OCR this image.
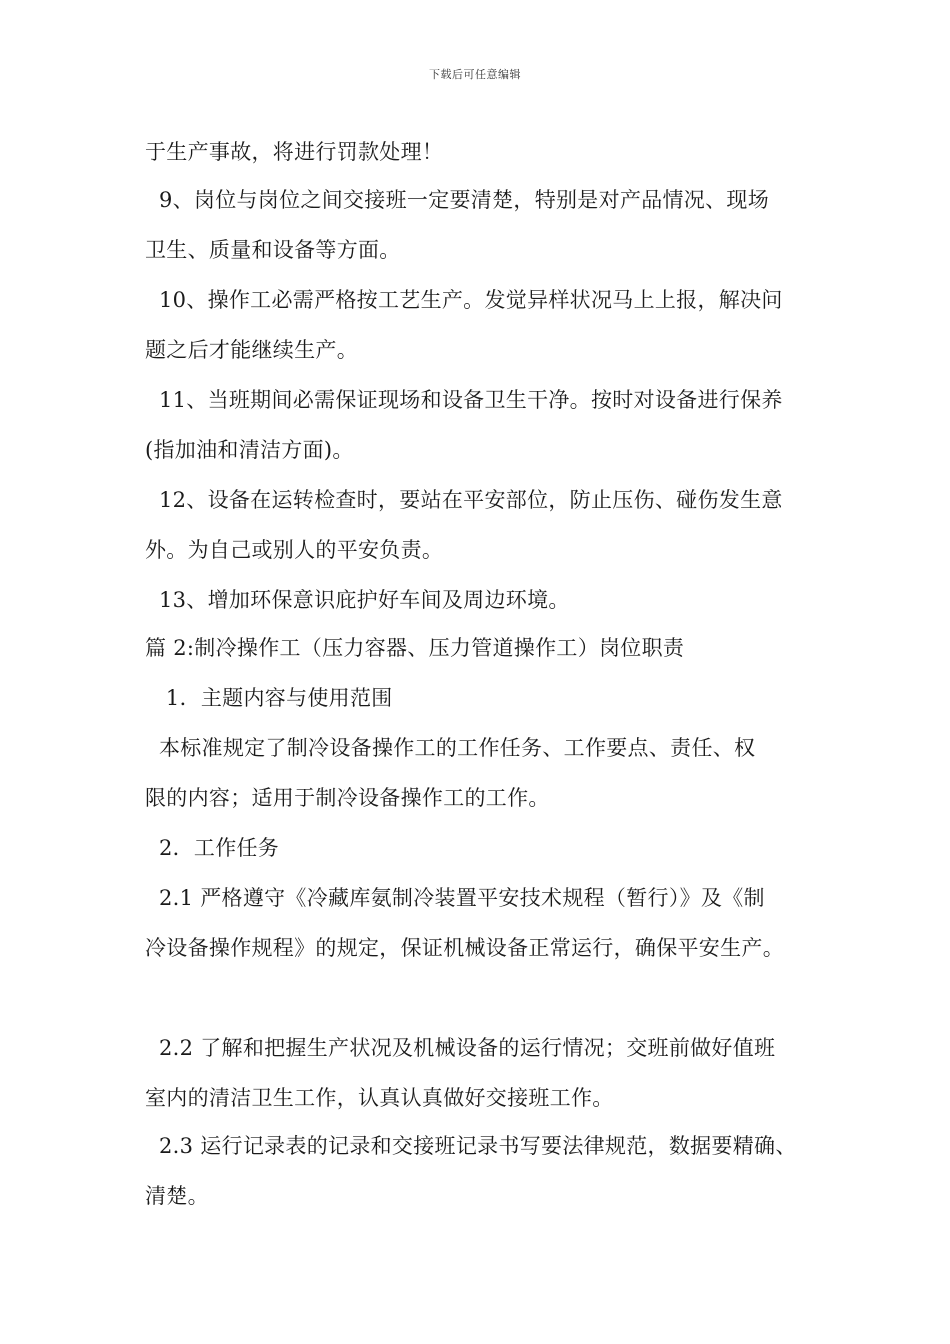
下载后可任意编辑
于生产事故，将进行罚款处理！
9、岗位与岗位之间交接班一定要清楚，特别是对产品情况、现场
卫生、质量和设备等方面。
10、操作工必需严格按工艺生产。发觉异样状况马上上报，解决问
题之后才能继续生产。
11、当班期间必需保证现场和设备卫生干净。按时对设备进行保养
(指加油和清洁方面)。
12、设备在运转检查时，要站在平安部位，防止压伤、碰伤发生意
外。为自己或别人的平安负责。
13、增加环保意识庇护好车间及周边环境。
篇 2:制冷操作工（压力容器、压力管道操作工）岗位职责
1．主题内容与使用范围
本标准规定了制冷设备操作工的工作任务、工作要点、责任、权
限的内容；适用于制冷设备操作工的工作。
2．工作任务
2.1 严格遵守《冷藏库氨制冷装置平安技术规程（暂行）》及《制
冷设备操作规程》的规定，保证机械设备正常运行，确保平安生产。
2.2 了解和把握生产状况及机械设备的运行情况；交班前做好值班
室内的清洁卫生工作，认真认真做好交接班工作。
2.3 运行记录表的记录和交接班记录书写要法律规范，数据要精确、
清楚。
